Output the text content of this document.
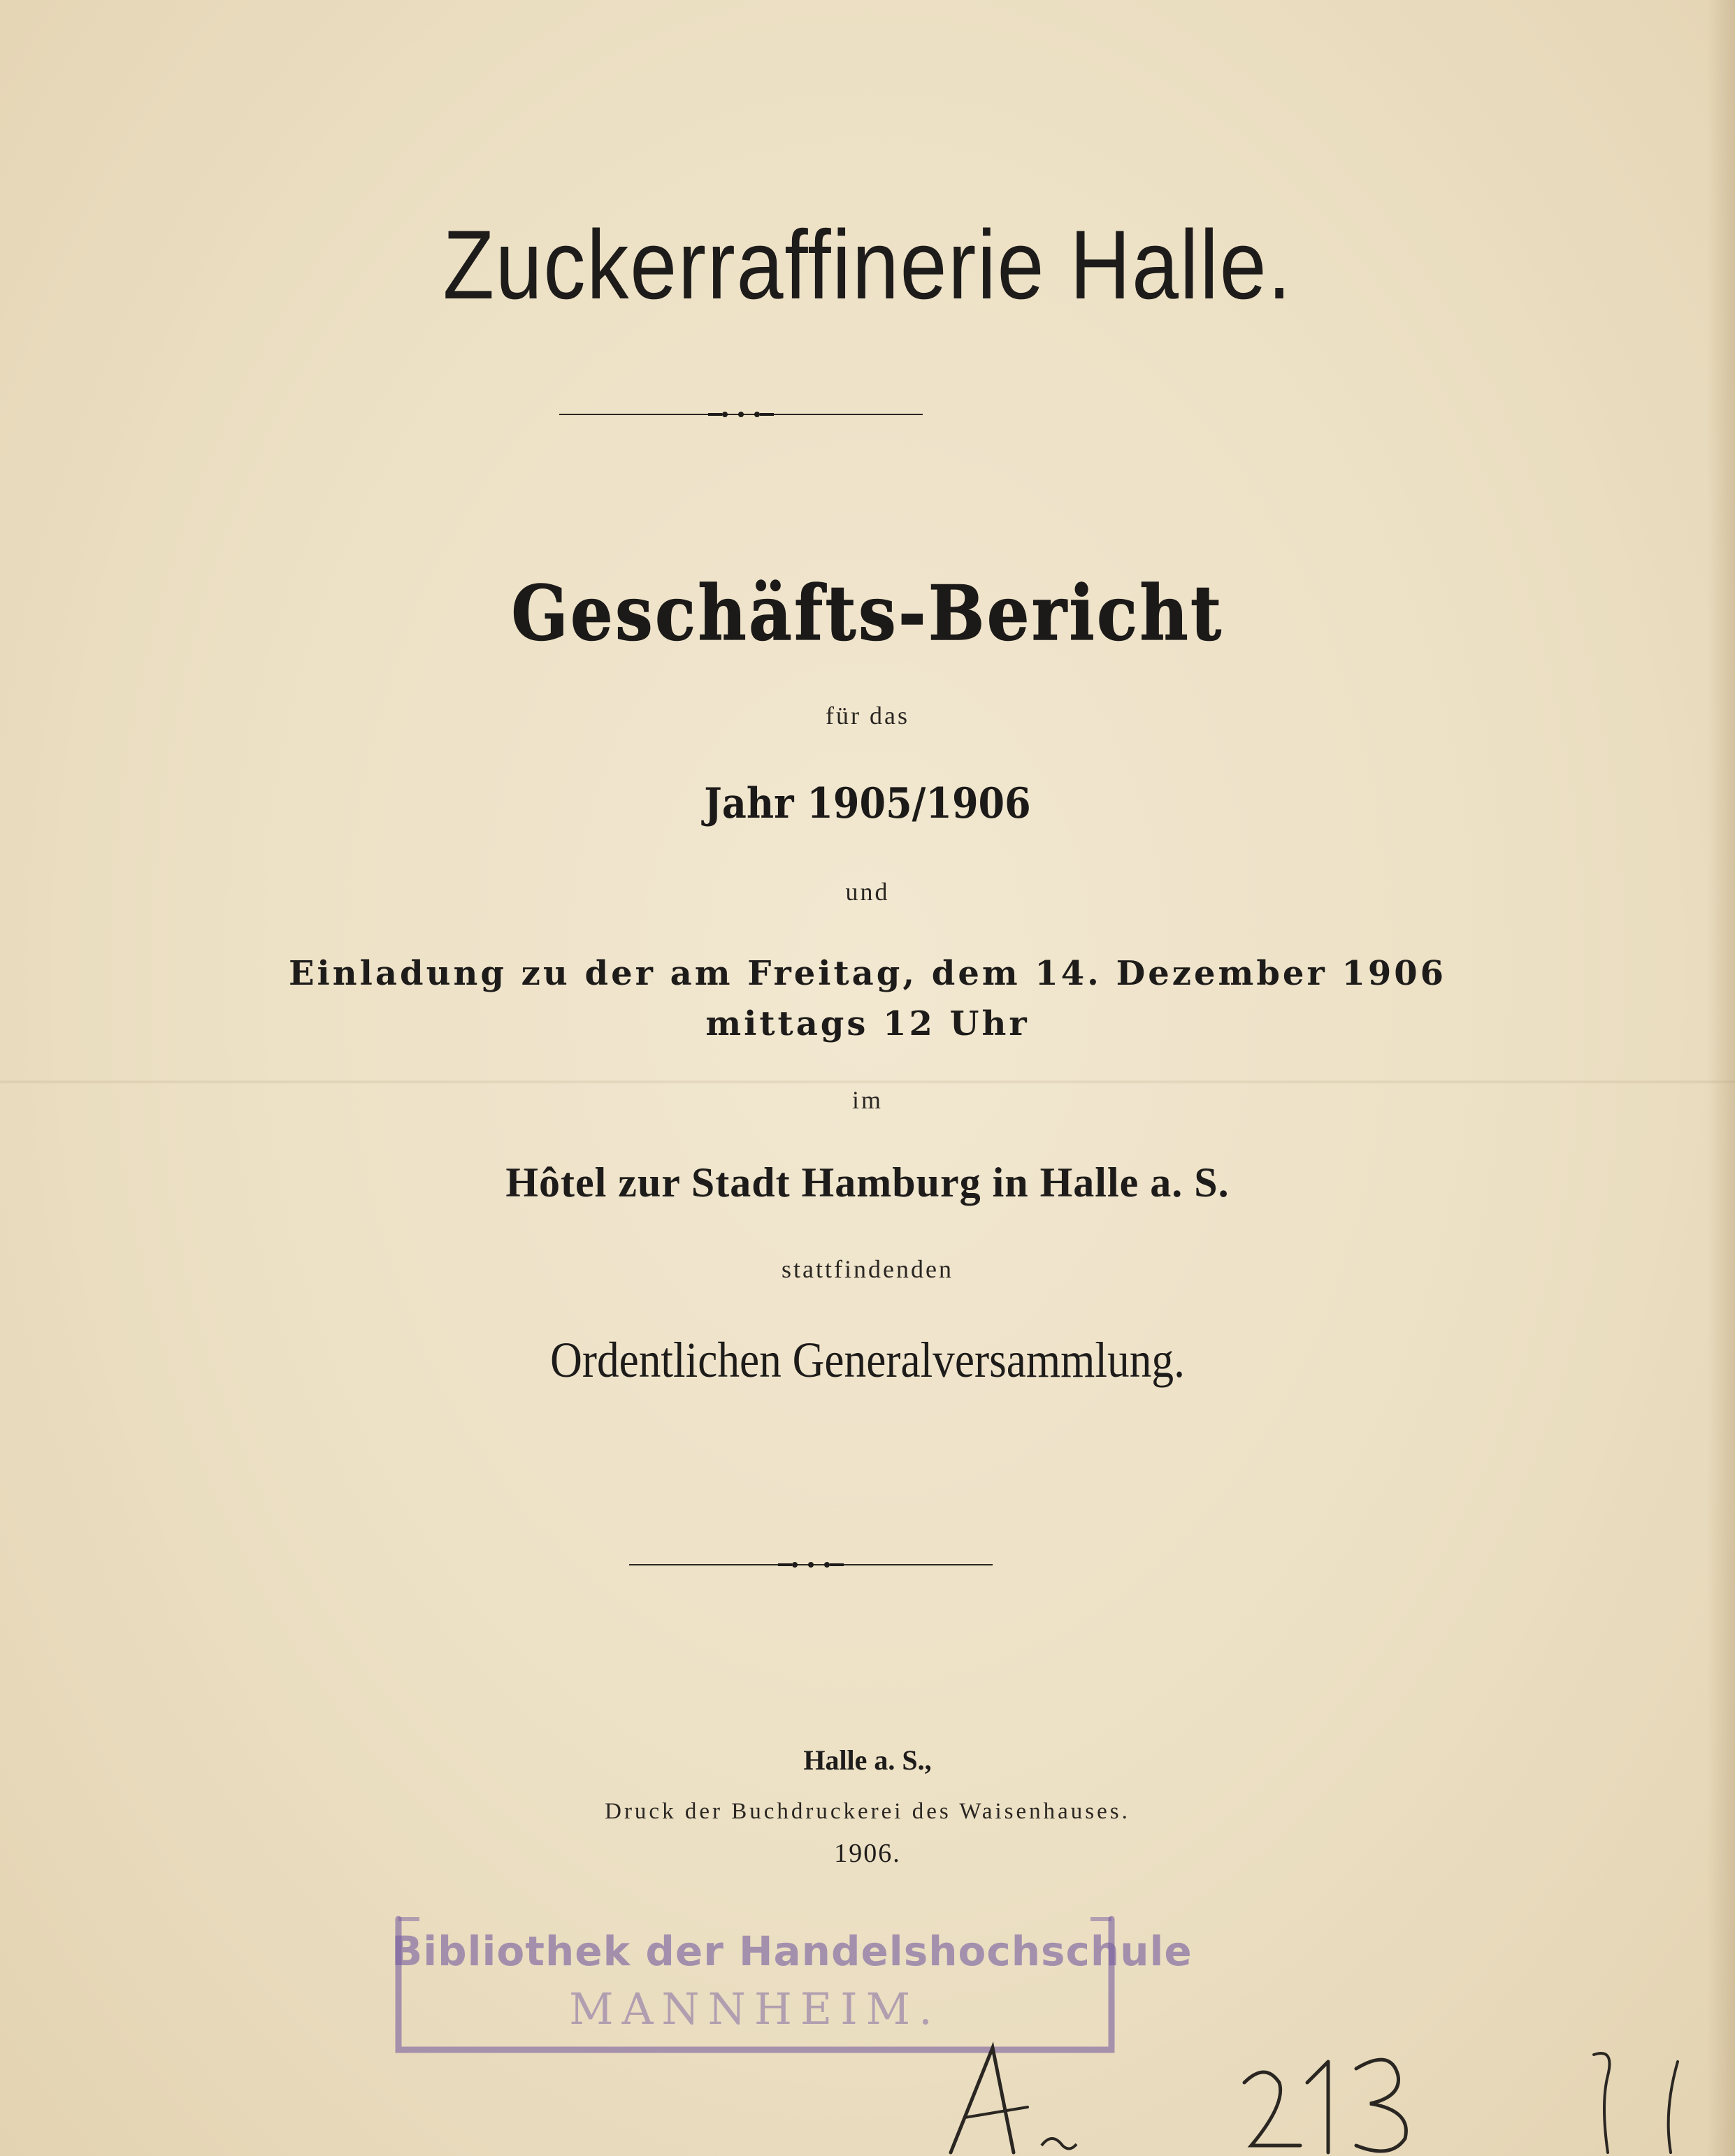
Zuckerraffinerie Halle.
Geschäfts-Bericht
für das
Jahr 1905/1906
und
Einladung zu der am Freitag, dem 14. Dezember 1906
mittags 12 Uhr
im
Hôtel zur Stadt Hamburg in Halle a. S.
stattfindenden
Ordentlichen Generalversammlung.
Halle a. S.,
Druck der Buchdruckerei des Waisenhauses.
1906.
Bibliothek der Handelshochschule
MANNHEIM.
